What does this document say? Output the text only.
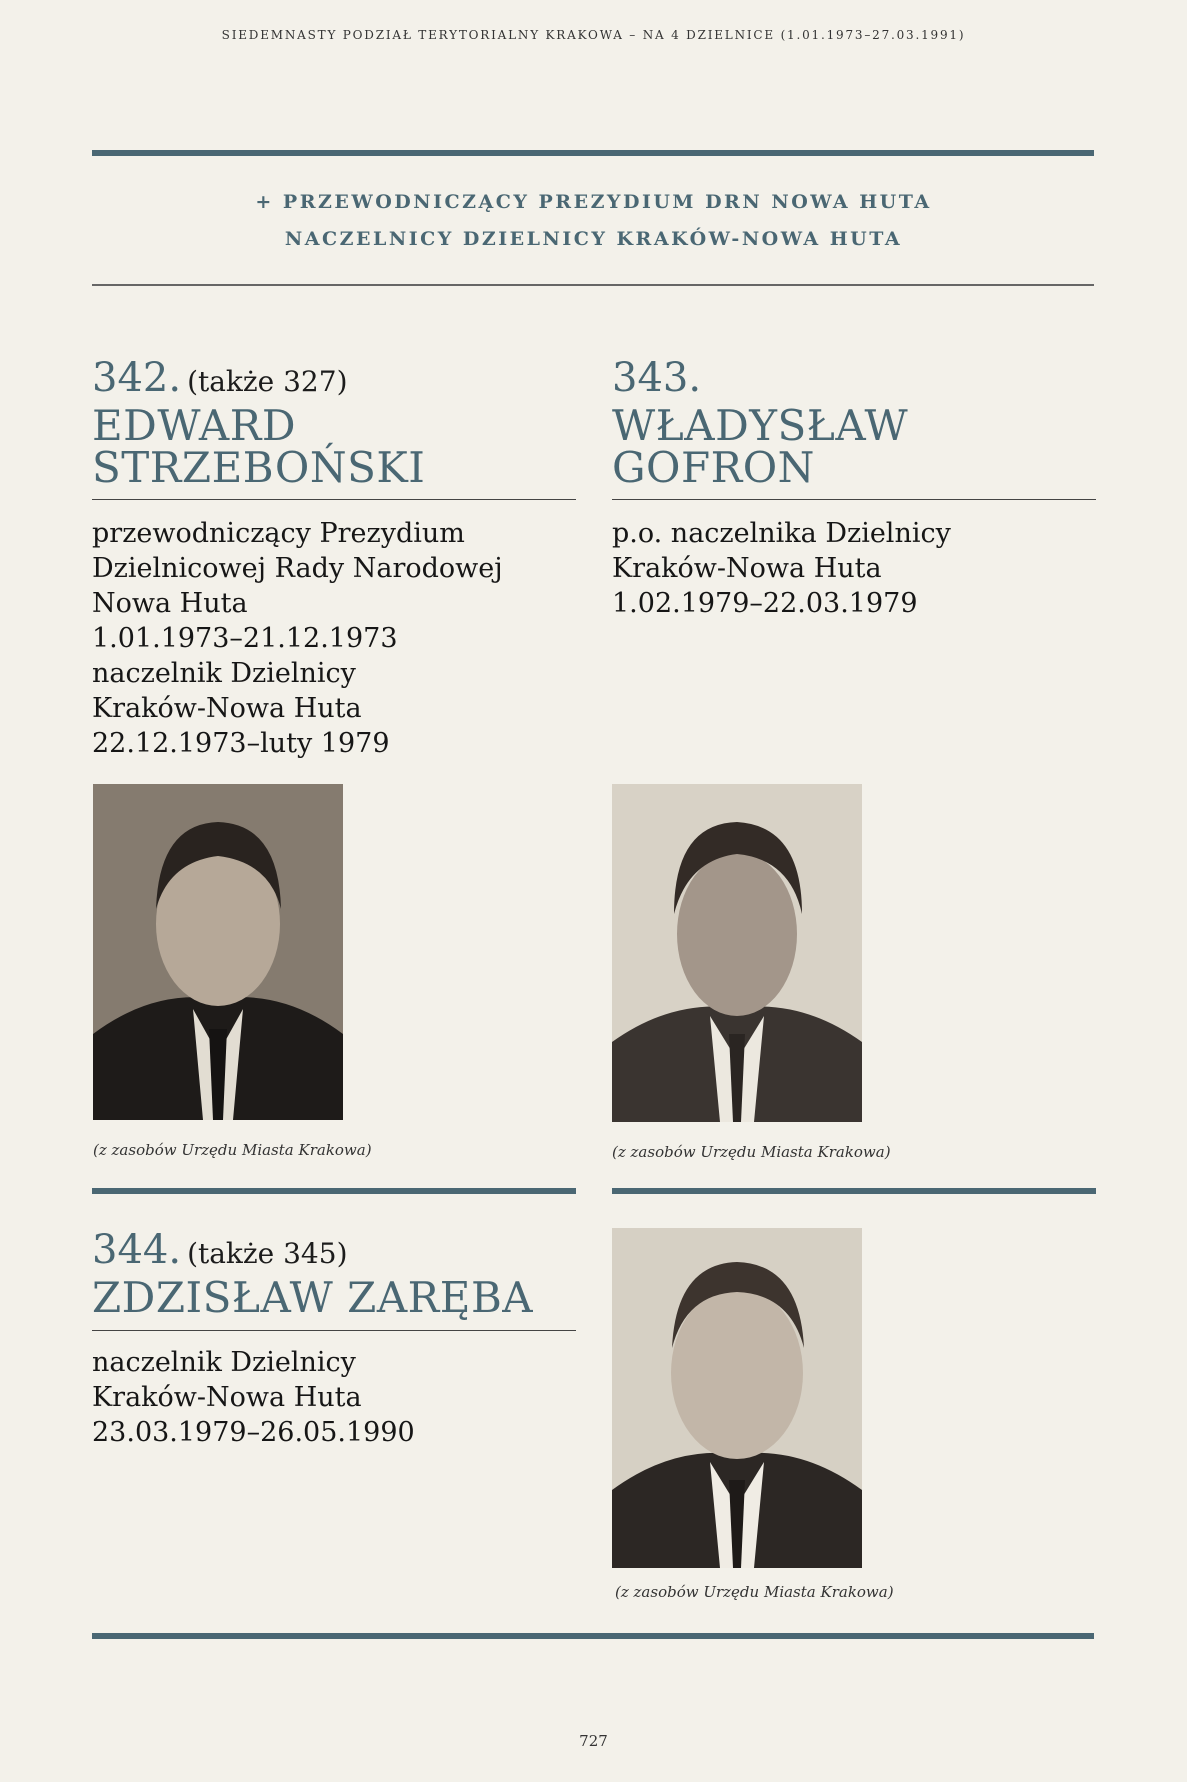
SIEDEMNASTY PODZIAŁ TERYTORIALNY KRAKOWA – NA 4 DZIELNICE (1.01.1973–27.03.1991)
+ PRZEWODNICZĄCY PREZYDIUM DRN NOWA HUTA
NACZELNICY DZIELNICY KRAKÓW-NOWA HUTA
342. (także 327)
EDWARD
STRZEBOŃSKI
przewodniczący Prezydium
Dzielnicowej Rady Narodowej
Nowa Huta
1.01.1973–21.12.1973
naczelnik Dzielnicy
Kraków-Nowa Huta
22.12.1973–luty 1979
(z zasobów Urzędu Miasta Krakowa)
343.
WŁADYSŁAW
GOFRON
p.o. naczelnika Dzielnicy
Kraków-Nowa Huta
1.02.1979–22.03.1979
(z zasobów Urzędu Miasta Krakowa)
344. (także 345)
ZDZISŁAW ZARĘBA
naczelnik Dzielnicy
Kraków-Nowa Huta
23.03.1979–26.05.1990
(z zasobów Urzędu Miasta Krakowa)
727
